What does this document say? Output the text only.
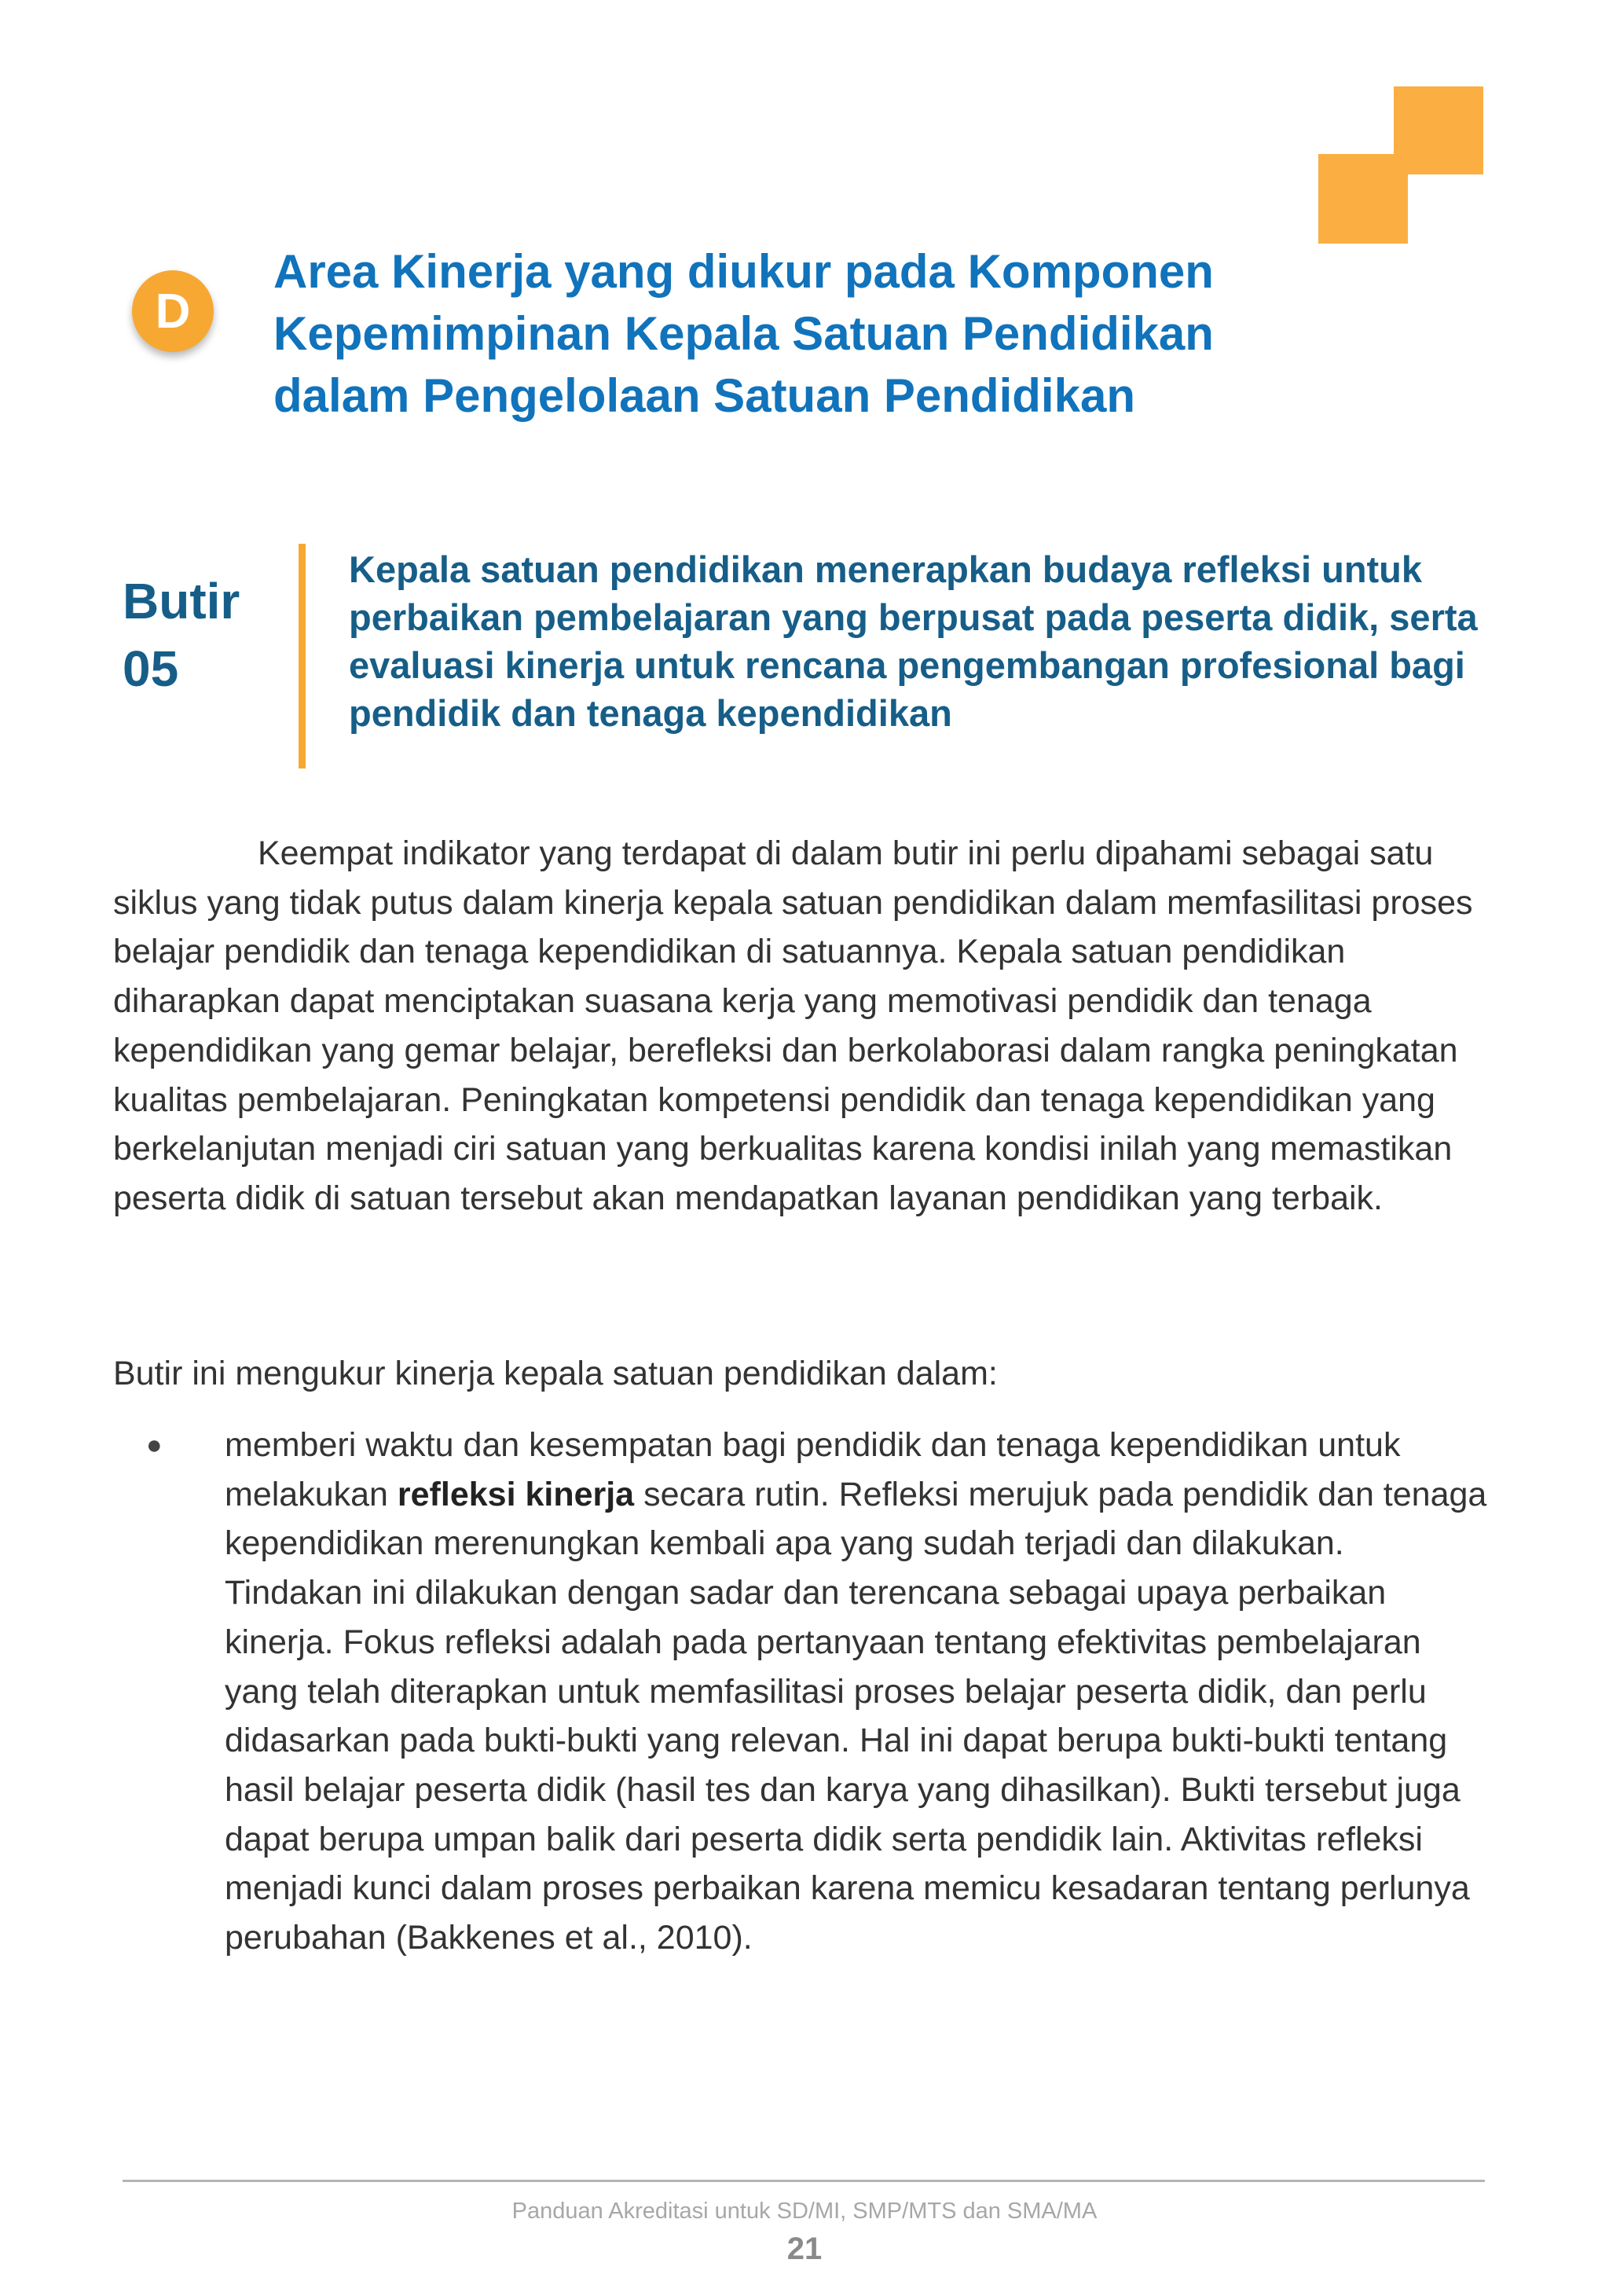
D
Area Kinerja yang diukur pada Komponen Kepemimpinan Kepala Satuan Pendidikan dalam Pengelolaan Satuan Pendidikan
Butir
05
Kepala satuan pendidikan menerapkan budaya refleksi untuk perbaikan pembelajaran yang berpusat pada peserta didik, serta evaluasi kinerja untuk rencana pengembangan profesional bagi pendidik dan tenaga kependidikan

Keempat indikator yang terdapat di dalam butir ini perlu dipahami sebagai satu siklus yang tidak putus dalam kinerja kepala satuan pendidikan dalam memfasilitasi proses belajar pendidik dan tenaga kependidikan di satuannya. Kepala satuan pendidikan diharapkan dapat menciptakan suasana kerja yang memotivasi pendidik dan tenaga kependidikan yang gemar belajar, berefleksi dan berkolaborasi dalam rangka peningkatan kualitas pembelajaran. Peningkatan kompetensi pendidik dan tenaga kependidikan yang berkelanjutan menjadi ciri satuan yang berkualitas karena kondisi inilah yang memastikan peserta didik di satuan tersebut akan mendapatkan layanan pendidikan yang terbaik.

Butir ini mengukur kinerja kepala satuan pendidikan dalam:

● memberi waktu dan kesempatan bagi pendidik dan tenaga kependidikan untuk melakukan refleksi kinerja secara rutin. Refleksi merujuk pada pendidik dan tenaga kependidikan merenungkan kembali apa yang sudah terjadi dan dilakukan. Tindakan ini dilakukan dengan sadar dan terencana sebagai upaya perbaikan kinerja. Fokus refleksi adalah pada pertanyaan tentang efektivitas pembelajaran yang telah diterapkan untuk memfasilitasi proses belajar peserta didik, dan perlu didasarkan pada bukti-bukti yang relevan. Hal ini dapat berupa bukti-bukti tentang hasil belajar peserta didik (hasil tes dan karya yang dihasilkan). Bukti tersebut juga dapat berupa umpan balik dari peserta didik serta pendidik lain. Aktivitas refleksi menjadi kunci dalam proses perbaikan karena memicu kesadaran tentang perlunya perubahan (Bakkenes et al., 2010).
Panduan Akreditasi untuk SD/MI, SMP/MTS dan SMA/MA
21
